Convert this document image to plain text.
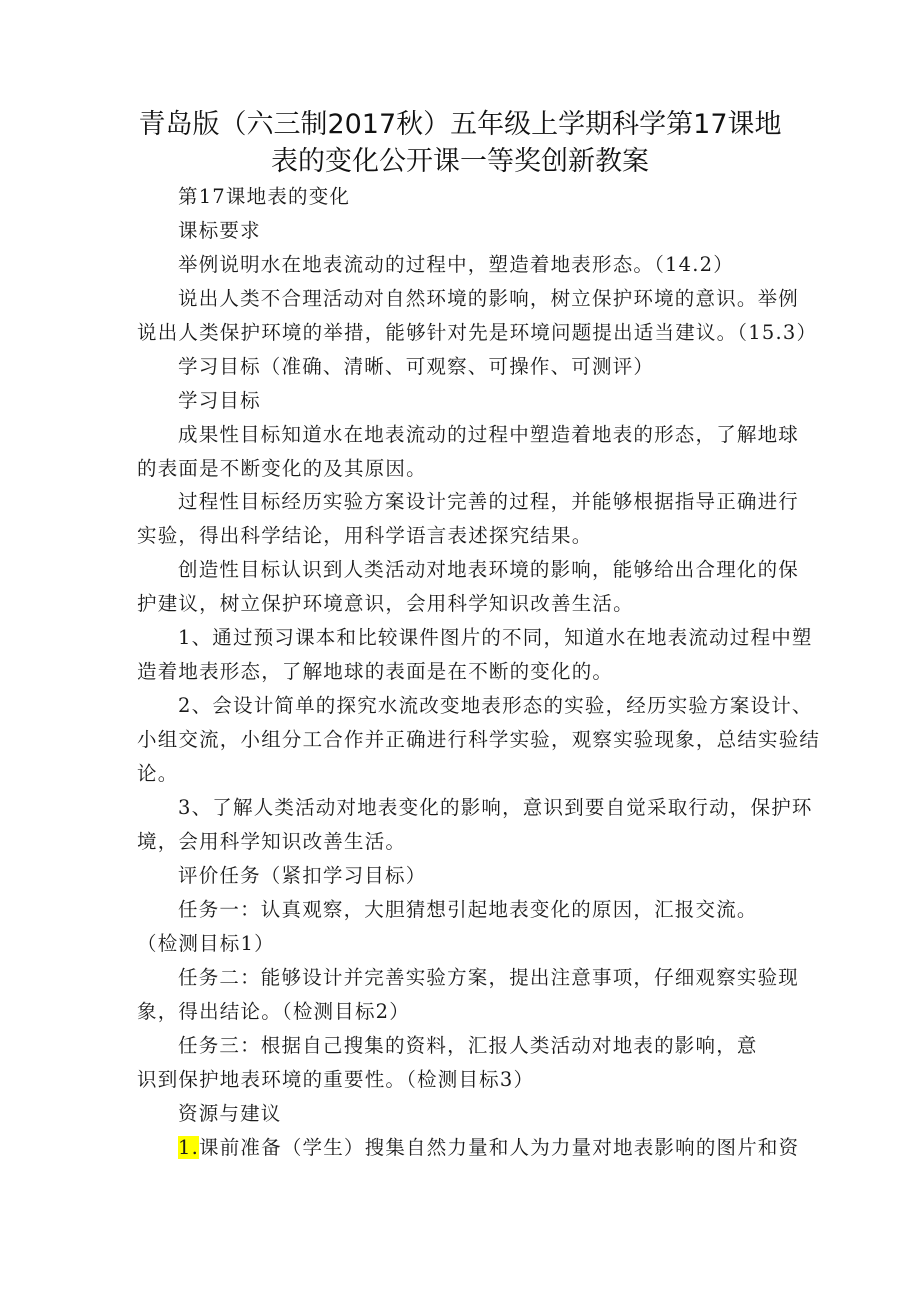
青岛版（六三制2017秋）五年级上学期科学第17课地
表的变化公开课一等奖创新教案
第17课地表的变化
课标要求
举例说明水在地表流动的过程中，塑造着地表形态。（14.2）
说出人类不合理活动对自然环境的影响，树立保护环境的意识。举例
说出人类保护环境的举措，能够针对先是环境问题提出适当建议。（15.3）
学习目标（准确、清晰、可观察、可操作、可测评）
学习目标
成果性目标知道水在地表流动的过程中塑造着地表的形态，了解地球
的表面是不断变化的及其原因。
过程性目标经历实验方案设计完善的过程，并能够根据指导正确进行
实验，得出科学结论，用科学语言表述探究结果。
创造性目标认识到人类活动对地表环境的影响，能够给出合理化的保
护建议，树立保护环境意识，会用科学知识改善生活。
1、通过预习课本和比较课件图片的不同，知道水在地表流动过程中塑
造着地表形态，了解地球的表面是在不断的变化的。
2、会设计简单的探究水流改变地表形态的实验，经历实验方案设计、
小组交流，小组分工合作并正确进行科学实验，观察实验现象，总结实验结
论。
3、了解人类活动对地表变化的影响，意识到要自觉采取行动，保护环
境，会用科学知识改善生活。
评价任务（紧扣学习目标）
任务一：认真观察，大胆猜想引起地表变化的原因，汇报交流。
（检测目标1）
任务二：能够设计并完善实验方案，提出注意事项，仔细观察实验现
象，得出结论。（检测目标2）
任务三：根据自己搜集的资料，汇报人类活动对地表的影响，意
识到保护地表环境的重要性。（检测目标3）
资源与建议
1.课前准备（学生）搜集自然力量和人为力量对地表影响的图片和资
